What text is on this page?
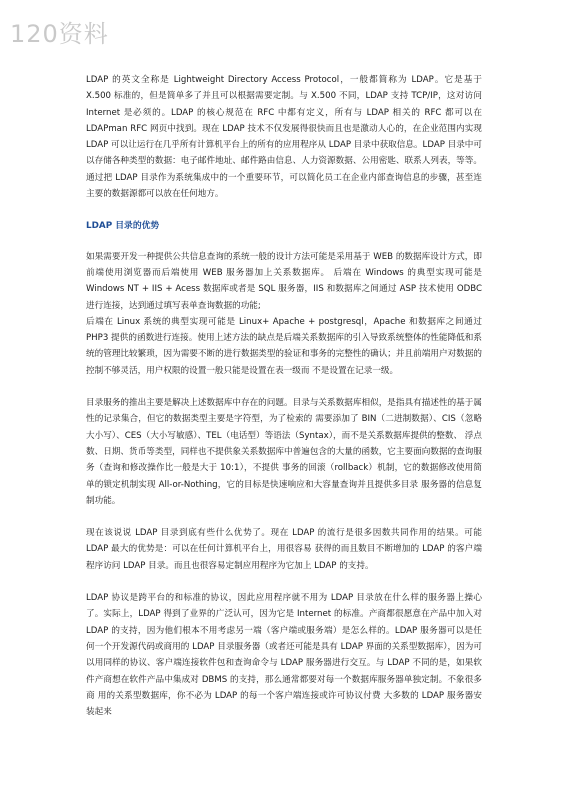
120资料

LDAP 的英文全称是 Lightweight Directory Access Protocol，一般都简称为 LDAP。它是基于 X.500 标准的，但是简单多了并且可以根据需要定制。与 X.500 不同，LDAP 支持 TCP/IP，这对访问 Internet 是必须的。LDAP 的核心规范在 RFC 中都有定义，所有与 LDAP 相关的 RFC 都可以在 LDAPman RFC 网页中找到。现在 LDAP 技术不仅发展得很快而且也是激动人心的，在企业范围内实现 LDAP 可以让运行在几乎所有计算机平台上的所有的应用程序从 LDAP 目录中获取信息。LDAP 目录中可以存储各种类型的数据：电子邮件地址、邮件路由信息、人力资源数据、公用密匙、联系人列表，等等。通过把 LDAP 目录作为系统集成中的一个重要环节，可以简化员工在企业内部查询信息的步骤，甚至连主要的数据源都可以放在任何地方。

LDAP 目录的优势

如果需要开发一种提供公共信息查询的系统一般的设计方法可能是采用基于 WEB 的数据库设计方式，即前端使用浏览器而后端使用 WEB 服务器加上关系数据库。 后端在 Windows 的典型实现可能是 Windows NT + IIS + Acess 数据库或者是 SQL 服务器，IIS 和数据库之间通过 ASP 技术使用 ODBC 进行连接，达到通过填写表单查询数据的功能;

后端在 Linux 系统的典型实现可能是 Linux+ Apache + postgresql，Apache 和数据库之间通过 PHP3 提供的函数进行连接。使用上述方法的缺点是后端关系数据库的引入导致系统整体的性能降低和系 统的管理比较繁琐，因为需要不断的进行数据类型的验证和事务的完整性的确认；并且前端用户对数据的控制不够灵活，用户权限的设置一般只能是设置在表一级而 不是设置在记录一级。

目录服务的推出主要是解决上述数据库中存在的问题。目录与关系数据库相似，是指具有描述性的基于属性的记录集合，但它的数据类型主要是字符型，为了检索的 需要添加了 BIN（二进制数据）、CIS（忽略大小写）、CES（大小写敏感）、TEL（电话型）等语法（Syntax），而不是关系数据库提供的整数、 浮点数、日期、货币等类型，同样也不提供象关系数据库中普遍包含的大量的函数，它主要面向数据的查询服务（查询和修改操作比一般是大于 10:1），不提供 事务的回滚（rollback）机制，它的数据修改使用简单的锁定机制实现 All-or-Nothing，它的目标是快速响应和大容量查询并且提供多目录 服务器的信息复制功能。

现在该说说 LDAP 目录到底有些什么优势了。现在 LDAP 的流行是很多因数共同作用的结果。可能 LDAP 最大的优势是：可以在任何计算机平台上，用很容易 获得的而且数目不断增加的 LDAP 的客户端程序访问 LDAP 目录。而且也很容易定制应用程序为它加上 LDAP 的支持。

LDAP 协议是跨平台的和标准的协议，因此应用程序就不用为 LDAP 目录放在什么样的服务器上操心了。实际上，LDAP 得到了业界的广泛认可，因为它是 Internet 的标准。产商都很愿意在产品中加入对 LDAP 的支持，因为他们根本不用考虑另一端（客户端或服务端）是怎么样的。LDAP 服务器可以是任 何一个开发源代码或商用的 LDAP 目录服务器（或者还可能是具有 LDAP 界面的关系型数据库），因为可以用同样的协议、客户端连接软件包和查询命令与 LDAP 服务器进行交互。与 LDAP 不同的是，如果软件产商想在软件产品中集成对 DBMS 的支持，那么通常都要对每一个数据库服务器单独定制。不象很多商 用的关系型数据库，你不必为 LDAP 的每一个客户端连接或许可协议付费 大多数的 LDAP 服务器安装起来
